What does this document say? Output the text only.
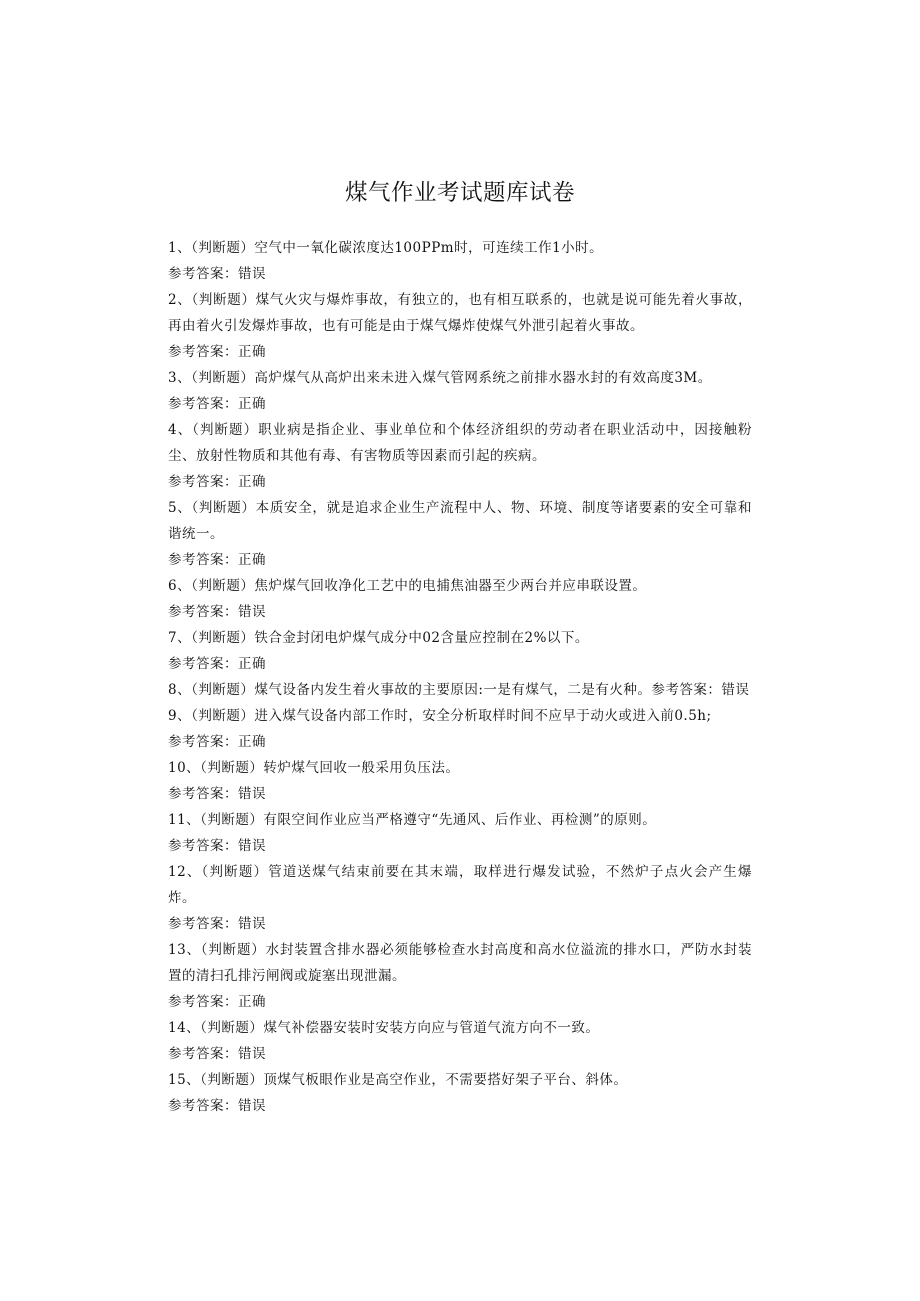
煤气作业考试题库试卷
1、（判断题）空气中一氧化碳浓度达100PPm时，可连续工作1小时。
参考答案：错误
2、（判断题）煤气火灾与爆炸事故，有独立的，也有相互联系的，也就是说可能先着火事故，再由着火引发爆炸事故，也有可能是由于煤气爆炸使煤气外泄引起着火事故。
参考答案：正确
3、（判断题）高炉煤气从高炉出来未进入煤气管网系统之前排水器水封的有效高度3M。
参考答案：正确
4、（判断题）职业病是指企业、事业单位和个体经济组织的劳动者在职业活动中，因接触粉尘、放射性物质和其他有毒、有害物质等因素而引起的疾病。
参考答案：正确
5、（判断题）本质安全，就是追求企业生产流程中人、物、环境、制度等诸要素的安全可靠和谐统一。
参考答案：正确
6、（判断题）焦炉煤气回收净化工艺中的电捕焦油器至少两台并应串联设置。
参考答案：错误
7、（判断题）铁合金封闭电炉煤气成分中02含量应控制在2%以下。
参考答案：正确
8、（判断题）煤气设备内发生着火事故的主要原因:一是有煤气，二是有火种。参考答案：错误
9、（判断题）进入煤气设备内部工作时，安全分析取样时间不应早于动火或进入前0.5h;
参考答案：正确
10、（判断题）转炉煤气回收一般采用负压法。
参考答案：错误
11、（判断题）有限空间作业应当严格遵守“先通风、后作业、再检测”的原则。
参考答案：错误
12、（判断题）管道送煤气结束前要在其末端，取样进行爆发试验，不然炉子点火会产生爆炸。
参考答案：错误
13、（判断题）水封装置含排水器必须能够检查水封高度和高水位溢流的排水口，严防水封装置的清扫孔排污闸阀或旋塞出现泄漏。
参考答案：正确
14、（判断题）煤气补偿器安装时安装方向应与管道气流方向不一致。
参考答案：错误
15、（判断题）顶煤气板眼作业是高空作业，不需要搭好架子平台、斜体。
参考答案：错误
